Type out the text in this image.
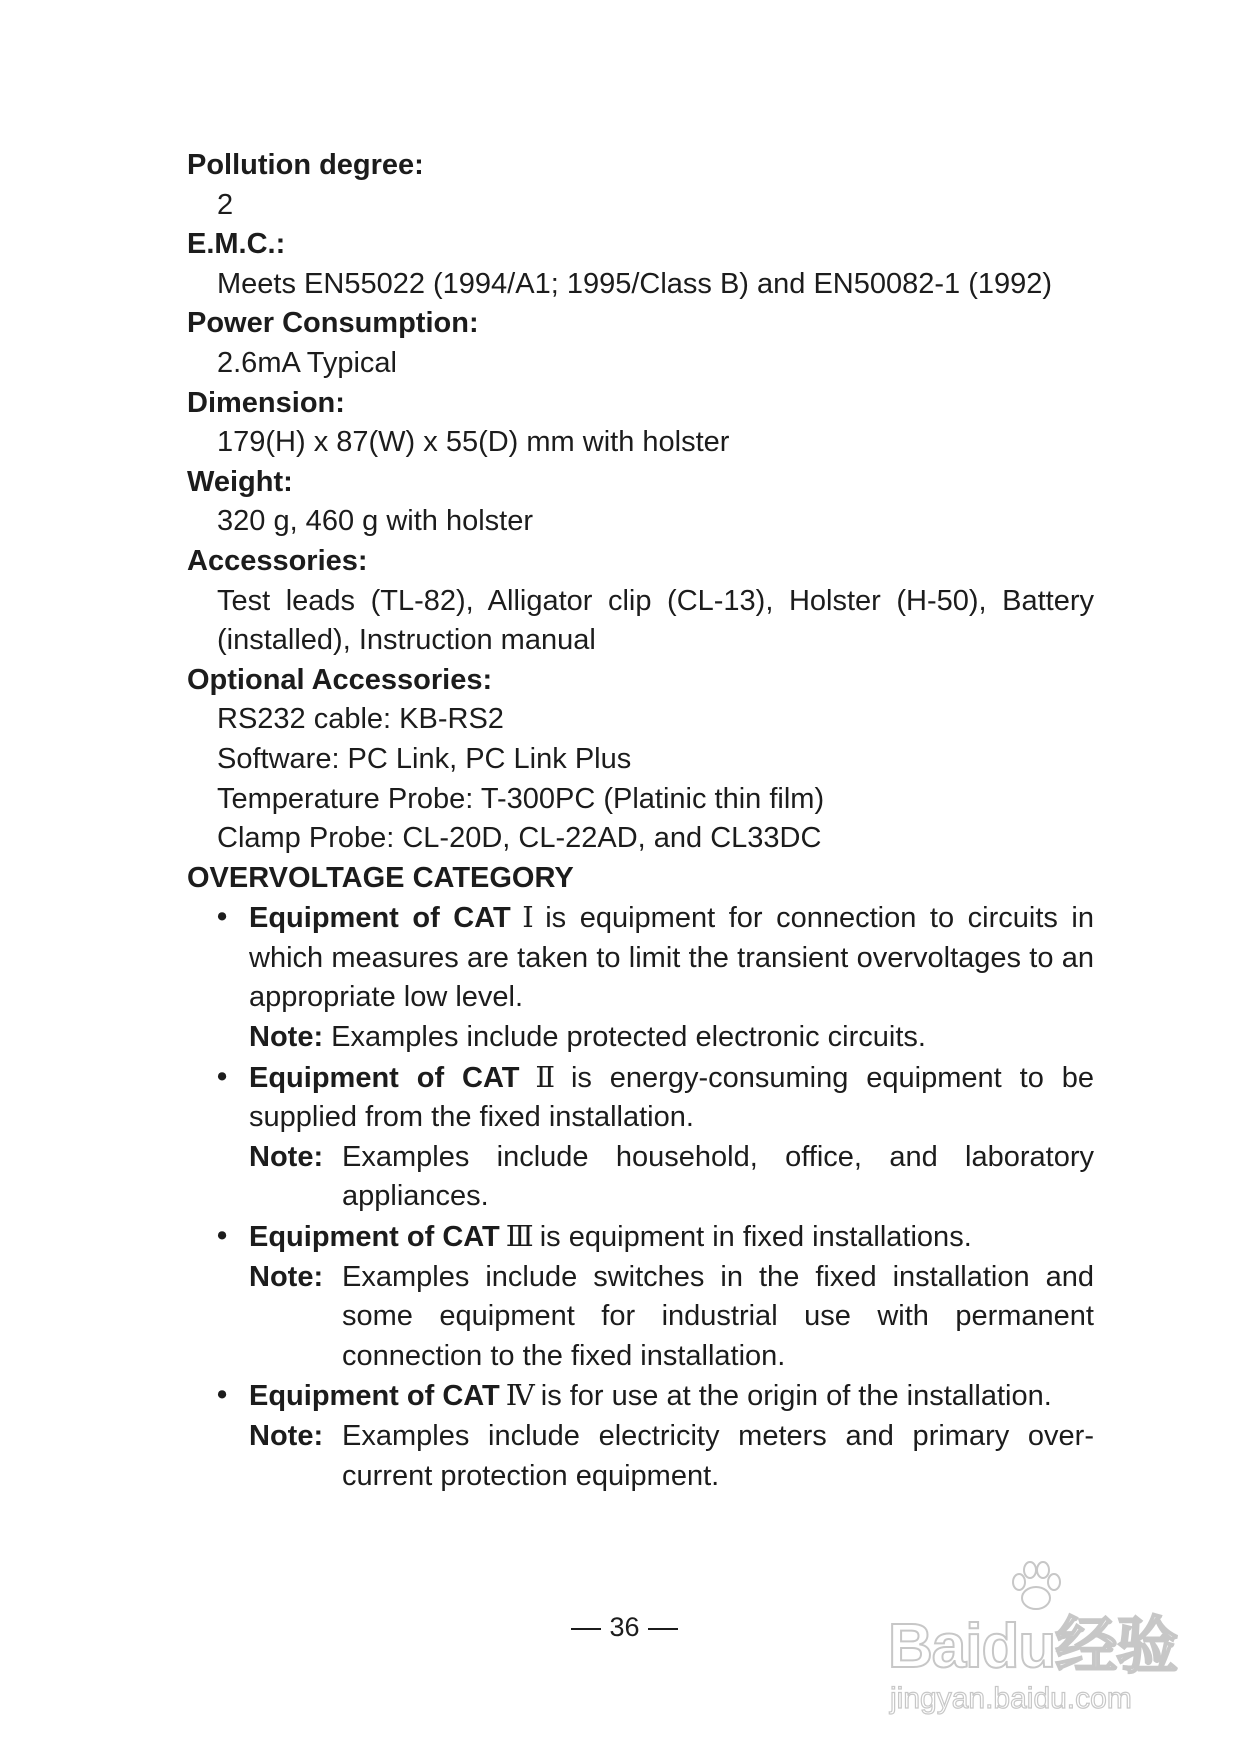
Pollution degree:
2
E.M.C.:
Meets EN55022 (1994/A1; 1995/Class B) and EN50082-1 (1992)
Power Consumption:
2.6mA Typical
Dimension:
179(H) x 87(W) x 55(D) mm with holster
Weight:
320 g, 460 g with holster
Accessories:
Test leads (TL-82), Alligator clip (CL-13), Holster (H-50), Battery (installed), Instruction manual
Optional Accessories:
RS232 cable: KB-RS2
Software: PC Link, PC Link Plus
Temperature Probe: T-300PC (Platinic thin film)
Clamp Probe: CL-20D, CL-22AD, and CL33DC
OVERVOLTAGE CATEGORY
• Equipment of CAT Ⅰ is equipment for connection to circuits in which measures are taken to limit the transient overvoltages to an appropriate low level.
Note: Examples include protected electronic circuits.
• Equipment of CAT Ⅱ is energy-consuming equipment to be supplied from the fixed installation.
Note: Examples include household, office, and laboratory appliances.
• Equipment of CAT Ⅲ is equipment in fixed installations.
Note: Examples include switches in the fixed installation and some equipment for industrial use with permanent connection to the fixed installation.
• Equipment of CAT Ⅳ is for use at the origin of the installation.
Note: Examples include electricity meters and primary over-current protection equipment.
36	Baidu经验
jingyan.baidu.com
